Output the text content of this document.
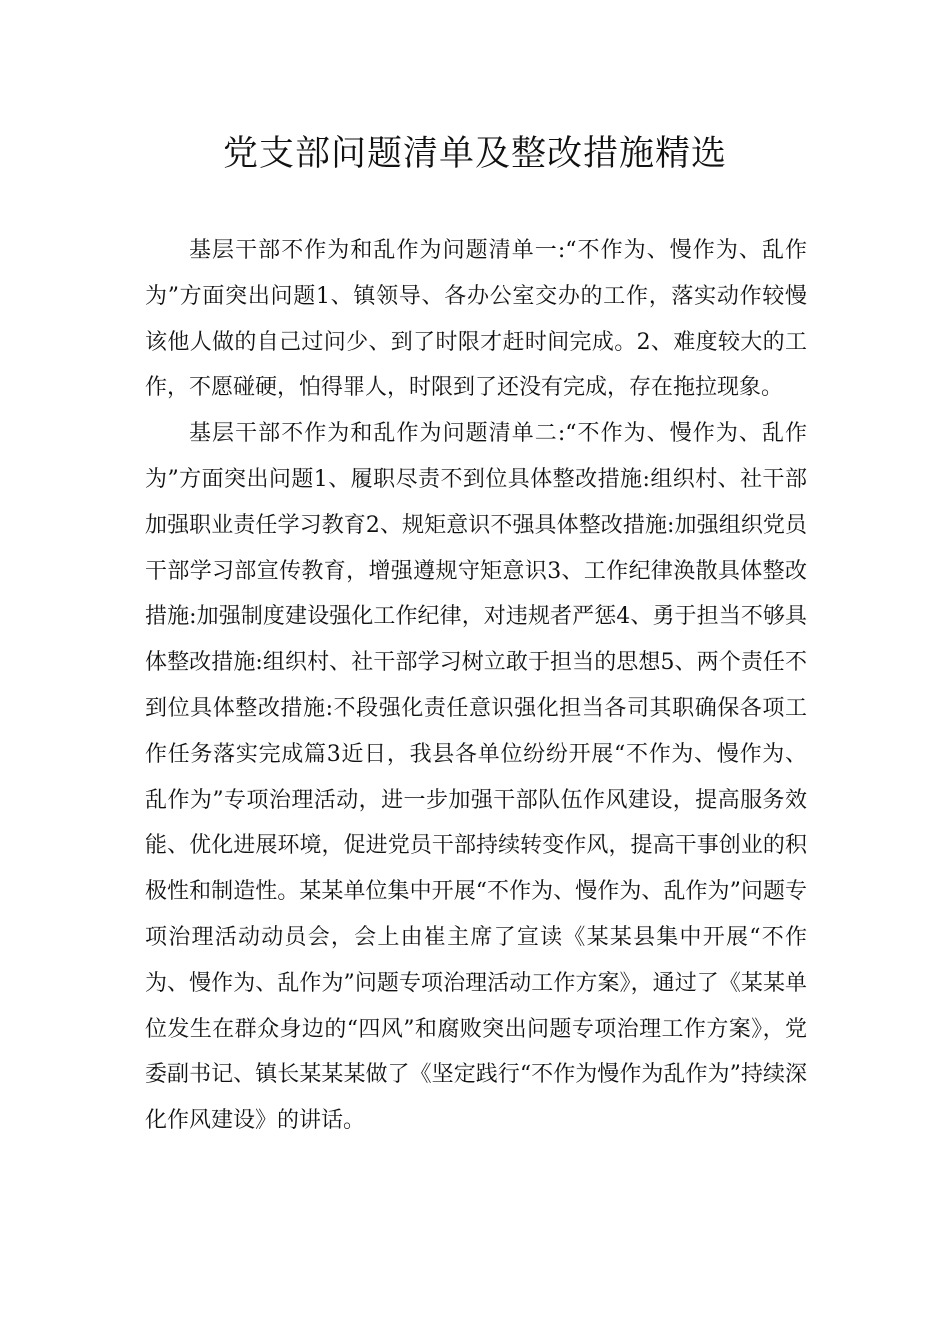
党支部问题清单及整改措施精选

基层干部不作为和乱作为问题清单一:“不作为、慢作为、乱作为”方面突出问题1、镇领导、各办公室交办的工作，落实动作较慢该他人做的自己过问少、到了时限才赶时间完成。2、难度较大的工作，不愿碰硬，怕得罪人，时限到了还没有完成，存在拖拉现象。

基层干部不作为和乱作为问题清单二:“不作为、慢作为、乱作为”方面突出问题1、履职尽责不到位具体整改措施:组织村、社干部加强职业责任学习教育2、规矩意识不强具体整改措施:加强组织党员干部学习部宣传教育，增强遵规守矩意识3、工作纪律涣散具体整改措施:加强制度建设强化工作纪律，对违规者严惩4、勇于担当不够具体整改措施:组织村、社干部学习树立敢于担当的思想5、两个责任不到位具体整改措施:不段强化责任意识强化担当各司其职确保各项工作任务落实完成篇3近日，我县各单位纷纷开展“不作为、慢作为、乱作为”专项治理活动，进一步加强干部队伍作风建设，提高服务效能、优化进展环境，促进党员干部持续转变作风，提高干事创业的积极性和制造性。某某单位集中开展“不作为、慢作为、乱作为”问题专项治理活动动员会，会上由崔主席了宣读《某某县集中开展“不作为、慢作为、乱作为”问题专项治理活动工作方案》，通过了《某某单位发生在群众身边的“四风”和腐败突出问题专项治理工作方案》，党委副书记、镇长某某某做了《坚定践行“不作为慢作为乱作为”持续深化作风建设》的讲话。
